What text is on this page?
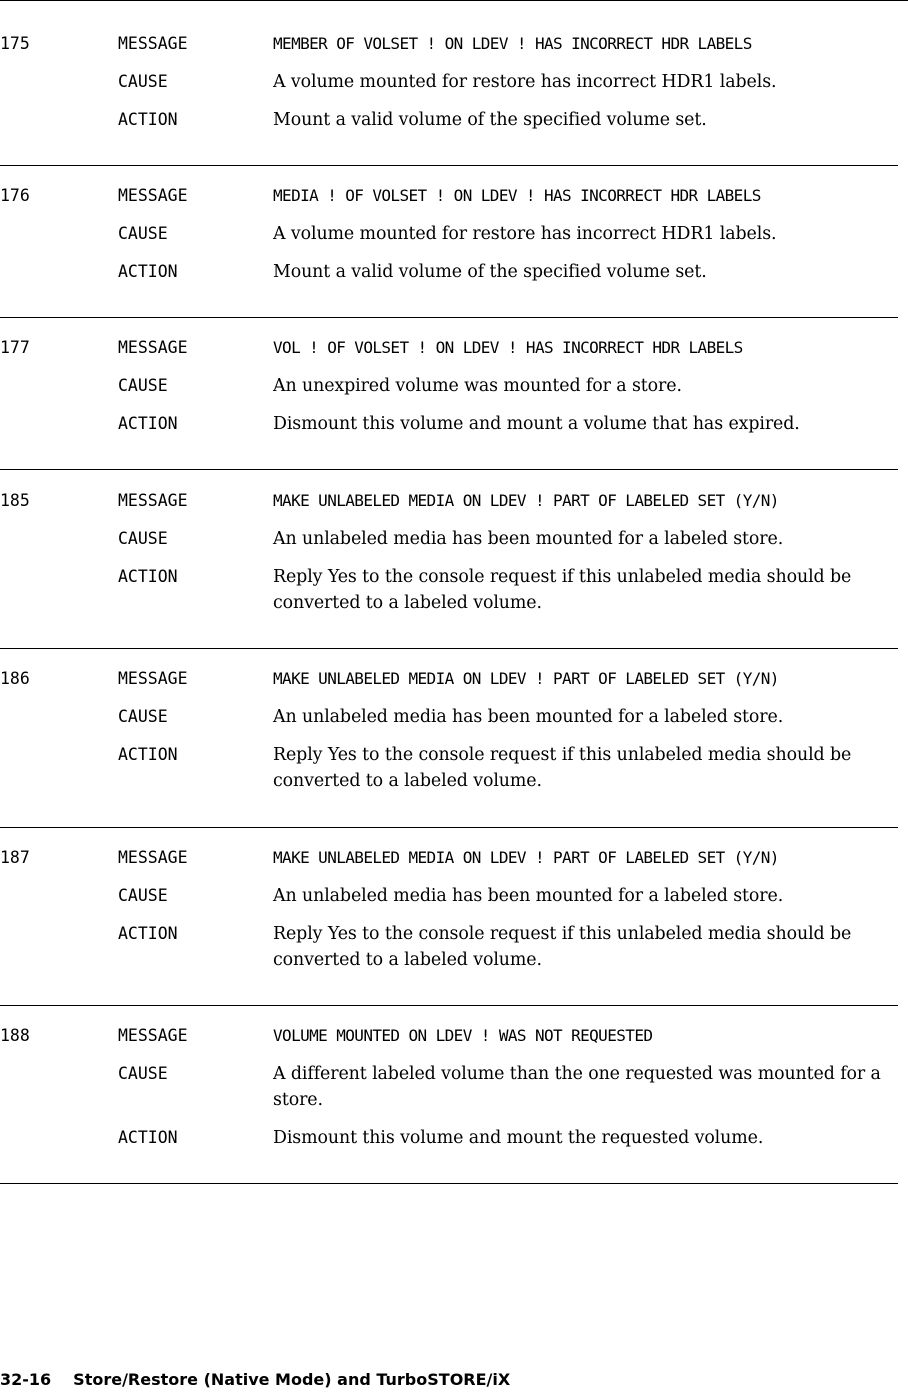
175	MESSAGE	MEMBER OF VOLSET ! ON LDEV ! HAS INCORRECT HDR LABELS
CAUSE	A volume mounted for restore has incorrect HDR1 labels.
ACTION	Mount a valid volume of the specified volume set.
176	MESSAGE	MEDIA ! OF VOLSET ! ON LDEV ! HAS INCORRECT HDR LABELS
CAUSE	A volume mounted for restore has incorrect HDR1 labels.
ACTION	Mount a valid volume of the specified volume set.
177	MESSAGE	VOL ! OF VOLSET ! ON LDEV ! HAS INCORRECT HDR LABELS
CAUSE	An unexpired volume was mounted for a store.
ACTION	Dismount this volume and mount a volume that has expired.
185	MESSAGE	MAKE UNLABELED MEDIA ON LDEV ! PART OF LABELED SET (Y/N)
CAUSE	An unlabeled media has been mounted for a labeled store.
ACTION	Reply Yes to the console request if this unlabeled media should be converted to a labeled volume.
186	MESSAGE	MAKE UNLABELED MEDIA ON LDEV ! PART OF LABELED SET (Y/N)
CAUSE	An unlabeled media has been mounted for a labeled store.
ACTION	Reply Yes to the console request if this unlabeled media should be converted to a labeled volume.
187	MESSAGE	MAKE UNLABELED MEDIA ON LDEV ! PART OF LABELED SET (Y/N)
CAUSE	An unlabeled media has been mounted for a labeled store.
ACTION	Reply Yes to the console request if this unlabeled media should be converted to a labeled volume.
188	MESSAGE	VOLUME MOUNTED ON LDEV ! WAS NOT REQUESTED
CAUSE	A different labeled volume than the one requested was mounted for a store.
ACTION	Dismount this volume and mount the requested volume.
32-16 Store/Restore (Native Mode) and TurboSTORE/iX
